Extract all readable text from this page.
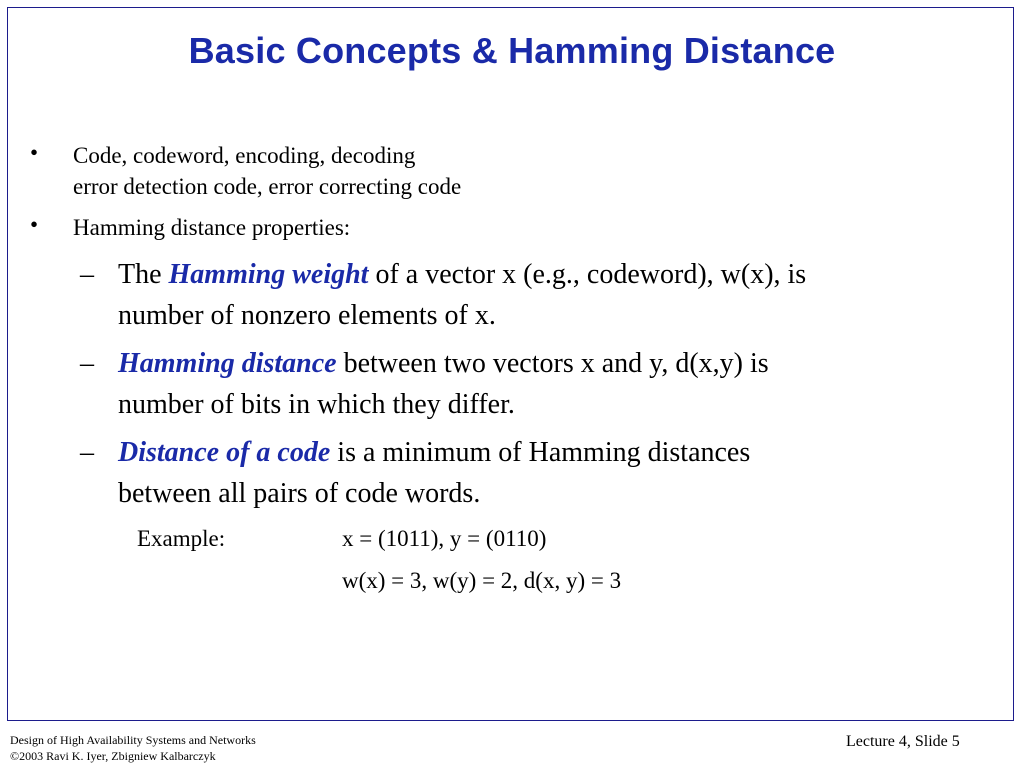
Basic Concepts & Hamming Distance
• Code, codeword, encoding, decoding
error detection code, error correcting code
• Hamming distance properties:
– The Hamming weight of a vector x (e.g., codeword), w(x), is
number of nonzero elements of x.
– Hamming distance between two vectors x and y, d(x,y) is
number of bits in which they differ.
– Distance of a code is a minimum of Hamming distances
between all pairs of code words.
Example:	x = (1011), y = (0110)
w(x) = 3, w(y) = 2, d(x, y) = 3
Design of High Availability Systems and Networks
©2003 Ravi K. Iyer, Zbigniew Kalbarczyk
Lecture 4, Slide 5
